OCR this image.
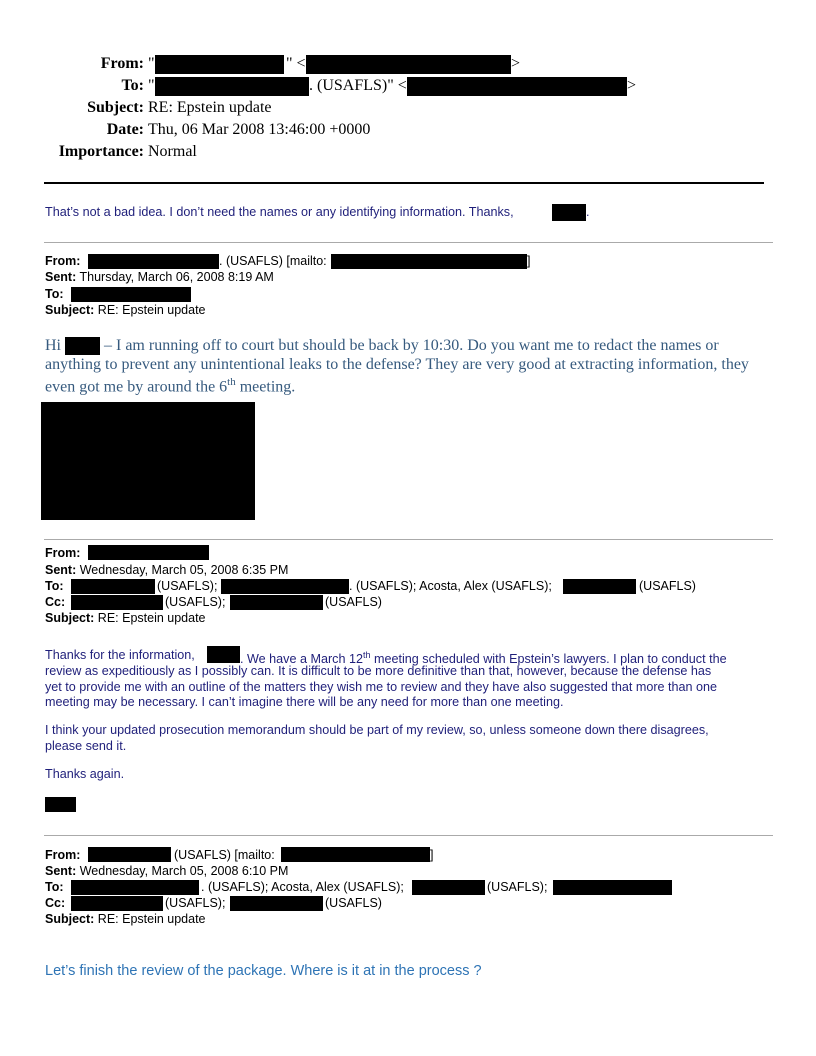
From: "	" <	>
To: "	. (USAFLS)" <	>
Subject: RE: Epstein update
Date: Thu, 06 Mar 2008 13:46:00 +0000
Importance: Normal
That’s not a bad idea. I don’t need the names or any identifying information. Thanks,	.
From:	. (USAFLS) [mailto:	]
Sent: Thursday, March 06, 2008 8:19 AM
To:
Subject: RE: Epstein update
Hi	– I am running off to court but should be back by 10:30. Do you want me to redact the names or
anything to prevent any unintentional leaks to the defense? They are very good at extracting information, they
even got me by around the 6th meeting.
From:
Sent: Wednesday, March 05, 2008 6:35 PM
To:	(USAFLS);	. (USAFLS); Acosta, Alex (USAFLS);	(USAFLS)
Cc:	(USAFLS);	(USAFLS)
Subject: RE: Epstein update
Thanks for the information,	. We have a March 12th meeting scheduled with Epstein’s lawyers. I plan to conduct the
review as expeditiously as I possibly can. It is difficult to be more definitive than that, however, because the defense has
yet to provide me with an outline of the matters they wish me to review and they have also suggested that more than one
meeting may be necessary. I can’t imagine there will be any need for more than one meeting.
I think your updated prosecution memorandum should be part of my review, so, unless someone down there disagrees,
please send it.
Thanks again.
From:	(USAFLS) [mailto:	]
Sent: Wednesday, March 05, 2008 6:10 PM
To:	. (USAFLS); Acosta, Alex (USAFLS);	(USAFLS);
Cc:	(USAFLS);	(USAFLS)
Subject: RE: Epstein update
Let’s finish the review of the package. Where is it at in the process ?
